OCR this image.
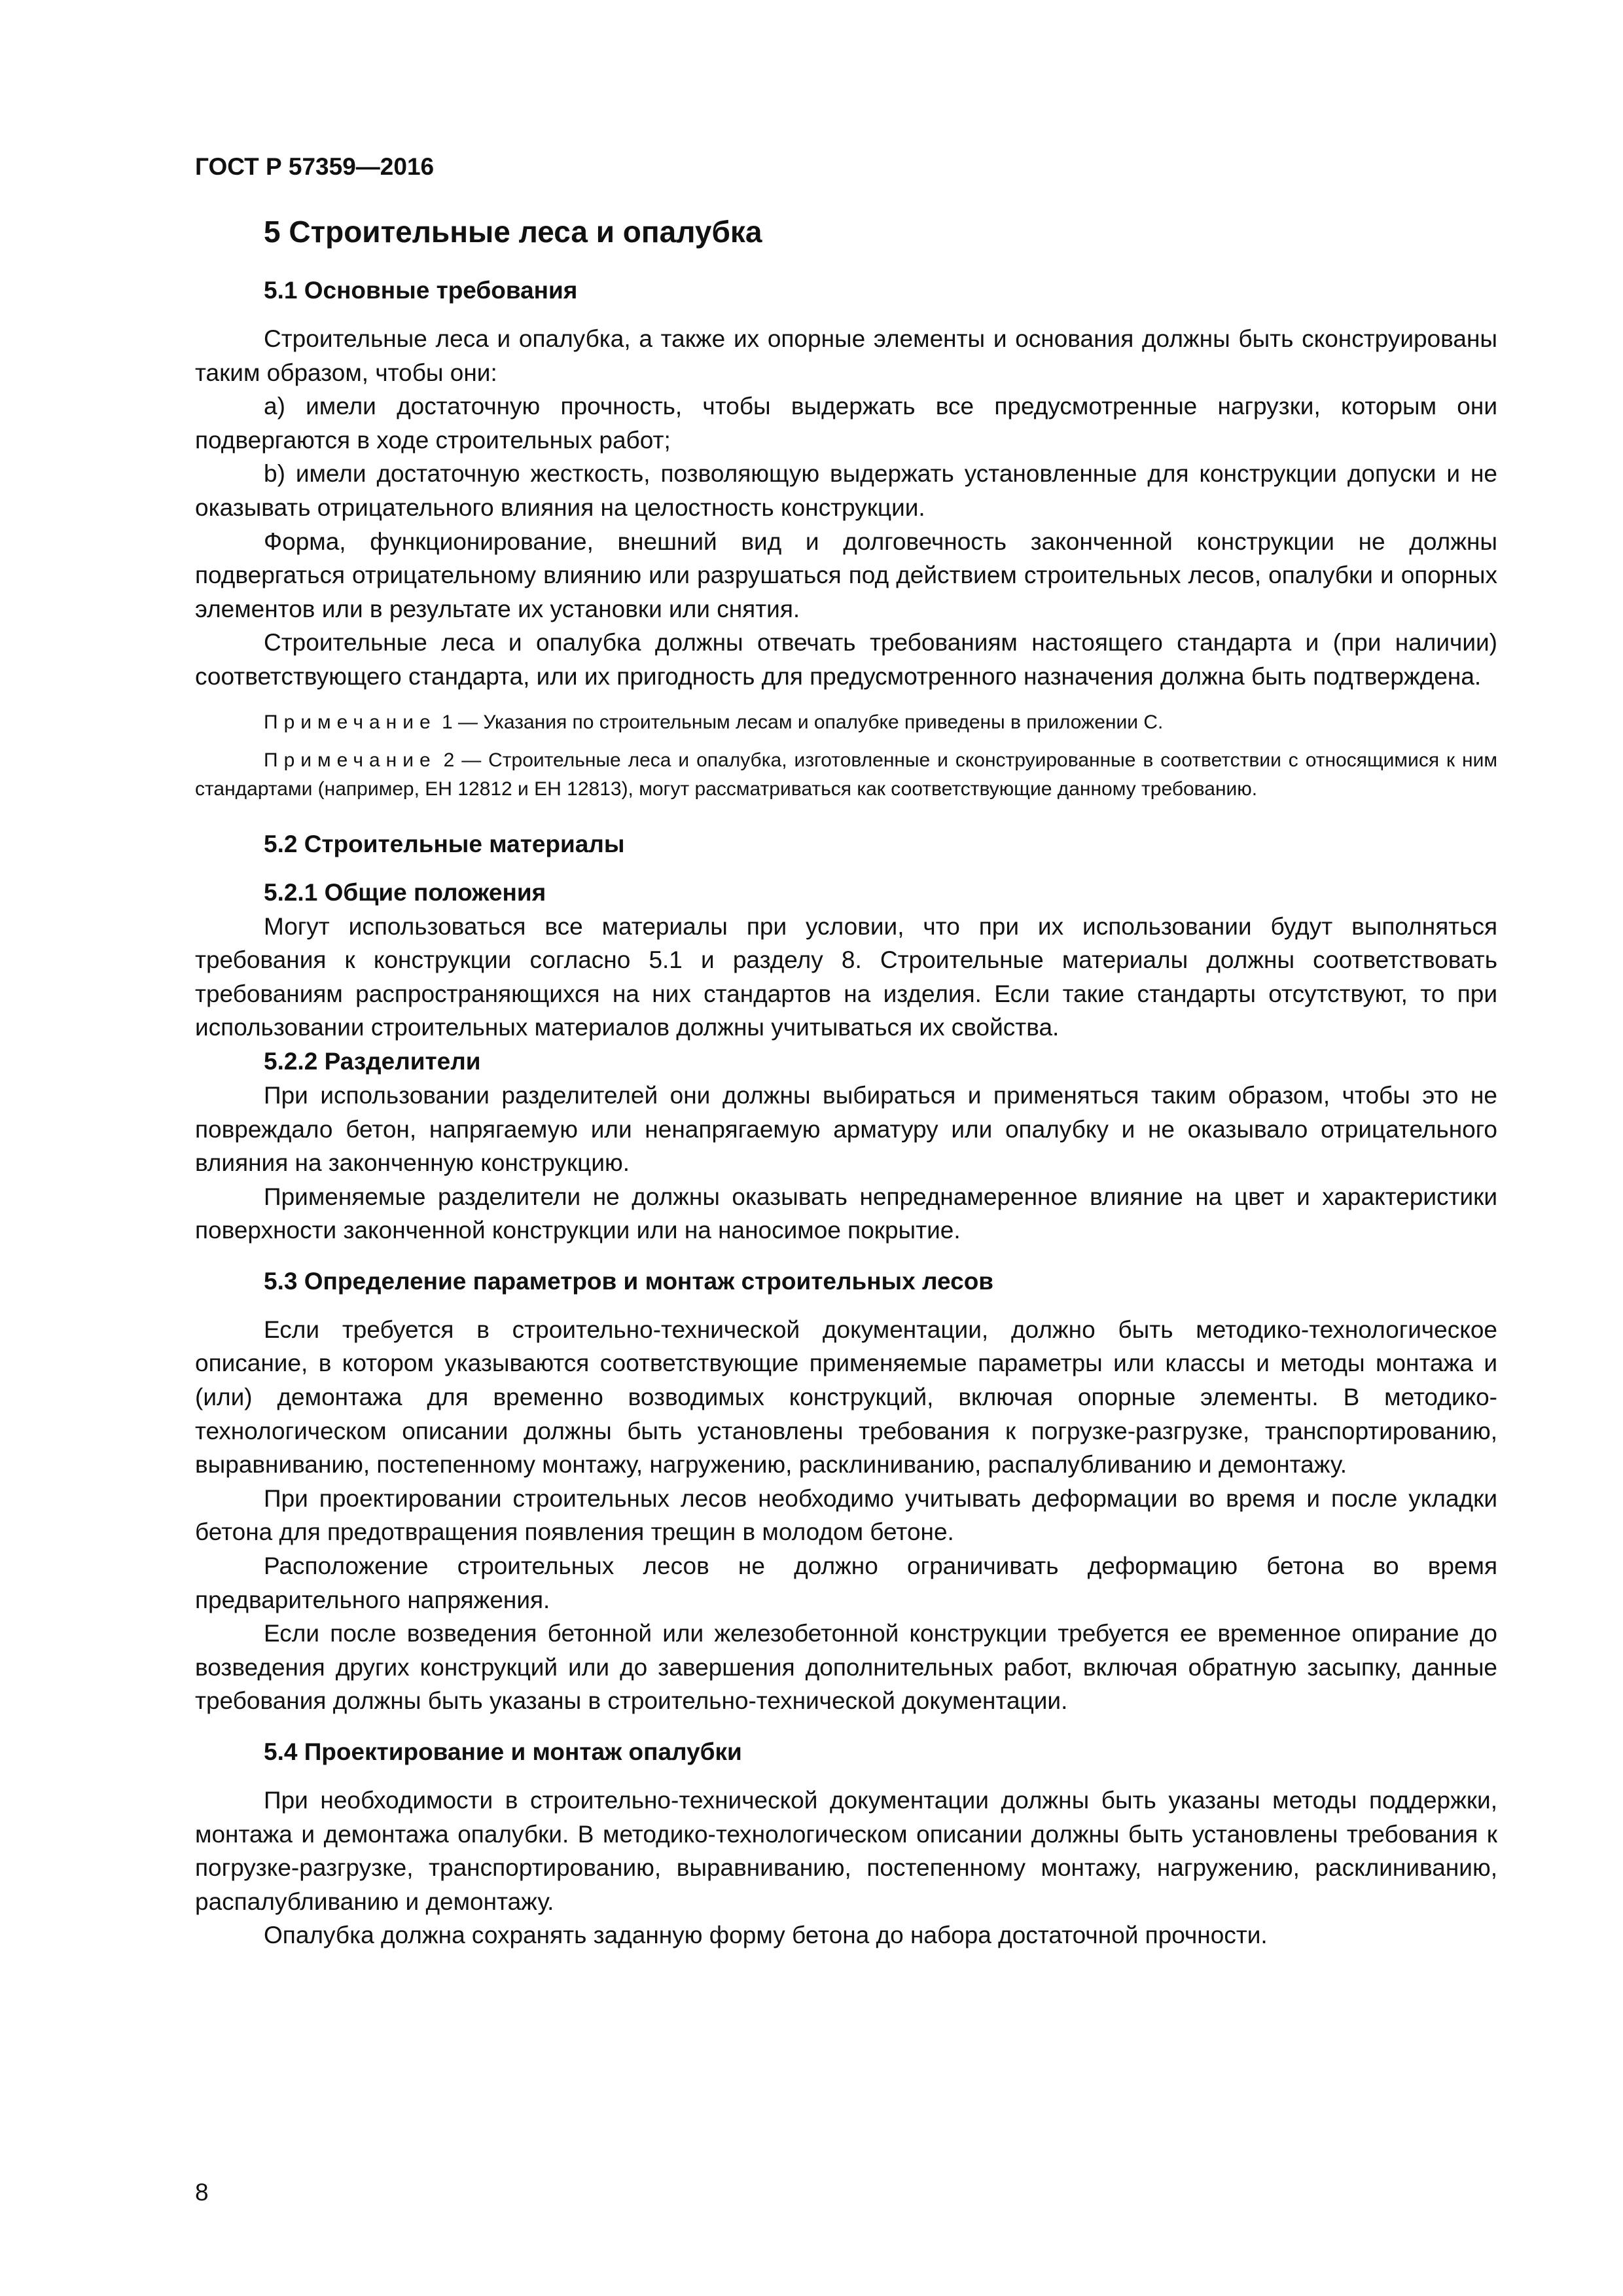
ГОСТ Р 57359—2016
5 Строительные леса и опалубка
5.1 Основные требования

Строительные леса и опалубка, а также их опорные элементы и основания должны быть сконструированы таким образом, чтобы они:

a) имели достаточную прочность, чтобы выдержать все предусмотренные нагрузки, которым они подвергаются в ходе строительных работ;

b) имели достаточную жесткость, позволяющую выдержать установленные для конструкции допуски и не оказывать отрицательного влияния на целостность конструкции.

Форма, функционирование, внешний вид и долговечность законченной конструкции не должны подвергаться отрицательному влиянию или разрушаться под действием строительных лесов, опалубки и опорных элементов или в результате их установки или снятия.

Строительные леса и опалубка должны отвечать требованиям настоящего стандарта и (при наличии) соответствующего стандарта, или их пригодность для предусмотренного назначения должна быть подтверждена.

Примечание 1 — Указания по строительным лесам и опалубке приведены в приложении С.

Примечание 2 — Строительные леса и опалубка, изготовленные и сконструированные в соответствии с относящимися к ним стандартами (например, ЕН 12812 и ЕН 12813), могут рассматриваться как соответствующие данному требованию.

5.2 Строительные материалы
5.2.1 Общие положения

Могут использоваться все материалы при условии, что при их использовании будут выполняться требования к конструкции согласно 5.1 и разделу 8. Строительные материалы должны соответствовать требованиям распространяющихся на них стандартов на изделия. Если такие стандарты отсутствуют, то при использовании строительных материалов должны учитываться их свойства.

5.2.2 Разделители

При использовании разделителей они должны выбираться и применяться таким образом, чтобы это не повреждало бетон, напрягаемую или ненапрягаемую арматуру или опалубку и не оказывало отрицательного влияния на законченную конструкцию.

Применяемые разделители не должны оказывать непреднамеренное влияние на цвет и характеристики поверхности законченной конструкции или на наносимое покрытие.

5.3 Определение параметров и монтаж строительных лесов

Если требуется в строительно-технической документации, должно быть методико-технологическое описание, в котором указываются соответствующие применяемые параметры или классы и методы монтажа и (или) демонтажа для временно возводимых конструкций, включая опорные элементы. В методико-технологическом описании должны быть установлены требования к погрузке-разгрузке, транспортированию, выравниванию, постепенному монтажу, нагружению, расклиниванию, распалубливанию и демонтажу.

При проектировании строительных лесов необходимо учитывать деформации во время и после укладки бетона для предотвращения появления трещин в молодом бетоне.

Расположение строительных лесов не должно ограничивать деформацию бетона во время предварительного напряжения.

Если после возведения бетонной или железобетонной конструкции требуется ее временное опирание до возведения других конструкций или до завершения дополнительных работ, включая обратную засыпку, данные требования должны быть указаны в строительно-технической документации.

5.4 Проектирование и монтаж опалубки

При необходимости в строительно-технической документации должны быть указаны методы поддержки, монтажа и демонтажа опалубки. В методико-технологическом описании должны быть установлены требования к погрузке-разгрузке, транспортированию, выравниванию, постепенному монтажу, нагружению, расклиниванию, распалубливанию и демонтажу.

Опалубка должна сохранять заданную форму бетона до набора достаточной прочности.

8
